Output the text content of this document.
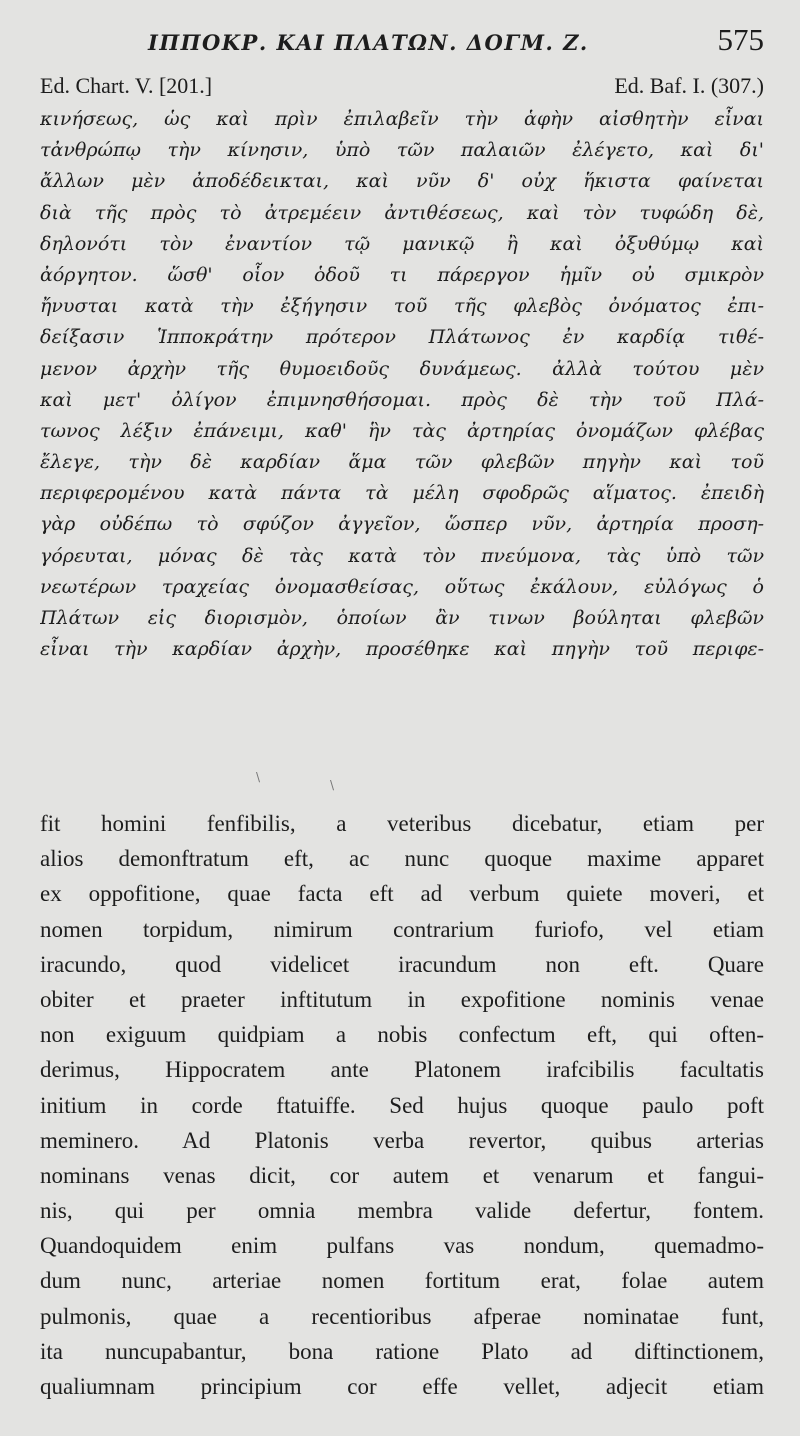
ΙΠΠΟΚΡ. ΚΑΙ ΠΛΑΤΩΝ. ΔΟΓΜ. Ζ.	575
Ed. Chart. V. [201.]	Ed. Baf. I. (307.)
κινήσεως, ὡς καὶ πρὶν ἐπιλαβεῖν τὴν ἁφὴν αἰσθητὴν εἶναι
τἀνθρώπῳ τὴν κίνησιν, ὑπὸ τῶν παλαιῶν ἐλέγετο, καὶ δι'
ἄλλων μὲν ἀποδέδεικται, καὶ νῦν δ' οὐχ ἥκιστα φαίνεται
διὰ τῆς πρὸς τὸ ἀτρεμέειν ἀντιθέσεως, καὶ τὸν τυφώδη δὲ,
δηλονότι τὸν ἐναντίον τῷ μανικῷ ἢ καὶ ὀξυθύμῳ καὶ
ἀόργητον. ὥσθ' οἷον ὁδοῦ τι πάρεργον ἡμῖν οὐ σμικρὸν
ἤνυσται κατὰ τὴν ἐξήγησιν τοῦ τῆς φλεβὸς ὀνόματος ἐπι-
δείξασιν Ἱπποκράτην πρότερον Πλάτωνος ἐν καρδίᾳ τιθέ-
μενον ἀρχὴν τῆς θυμοειδοῦς δυνάμεως. ἀλλὰ τούτου μὲν
καὶ μετ' ὀλίγον ἐπιμνησθήσομαι. πρὸς δὲ τὴν τοῦ Πλά-
τωνος λέξιν ἐπάνειμι, καθ' ἣν τὰς ἀρτηρίας ὀνομάζων φλέβας
ἔλεγε, τὴν δὲ καρδίαν ἅμα τῶν φλεβῶν πηγὴν καὶ τοῦ
περιφερομένου κατὰ πάντα τὰ μέλη σφοδρῶς αἵματος. ἐπειδὴ
γὰρ οὐδέπω τὸ σφύζον ἀγγεῖον, ὥσπερ νῦν, ἀρτηρία προση-
γόρευται, μόνας δὲ τὰς κατὰ τὸν πνεύμονα, τὰς ὑπὸ τῶν
νεωτέρων τραχείας ὀνομασθείσας, οὕτως ἐκάλουν, εὐλόγως ὁ
Πλάτων εἰς διορισμὸν, ὁποίων ἂν τινων βούληται φλεβῶν
εἶναι τὴν καρδίαν ἀρχὴν, προσέθηκε καὶ πηγὴν τοῦ περιφε-
\
\
fit homini fenfibilis, a veteribus dicebatur, etiam per
alios demonftratum eft, ac nunc quoque maxime apparet
ex oppofitione, quae facta eft ad verbum quiete moveri, et
nomen torpidum, nimirum contrarium furiofo, vel etiam
iracundo, quod videlicet iracundum non eft. Quare
obiter et praeter inftitutum in expofitione nominis venae
non exiguum quidpiam a nobis confectum eft, qui often-
derimus, Hippocratem ante Platonem irafcibilis facultatis
initium in corde ftatuiffe. Sed hujus quoque paulo poft
meminero. Ad Platonis verba revertor, quibus arterias
nominans venas dicit, cor autem et venarum et fangui-
nis, qui per omnia membra valide defertur, fontem.
Quandoquidem enim pulfans vas nondum, quemadmo-
dum nunc, arteriae nomen fortitum erat, folae autem
pulmonis, quae a recentioribus afperae nominatae funt,
ita nuncupabantur, bona ratione Plato ad diftinctionem,
qualiumnam principium cor effe vellet, adjecit etiam
